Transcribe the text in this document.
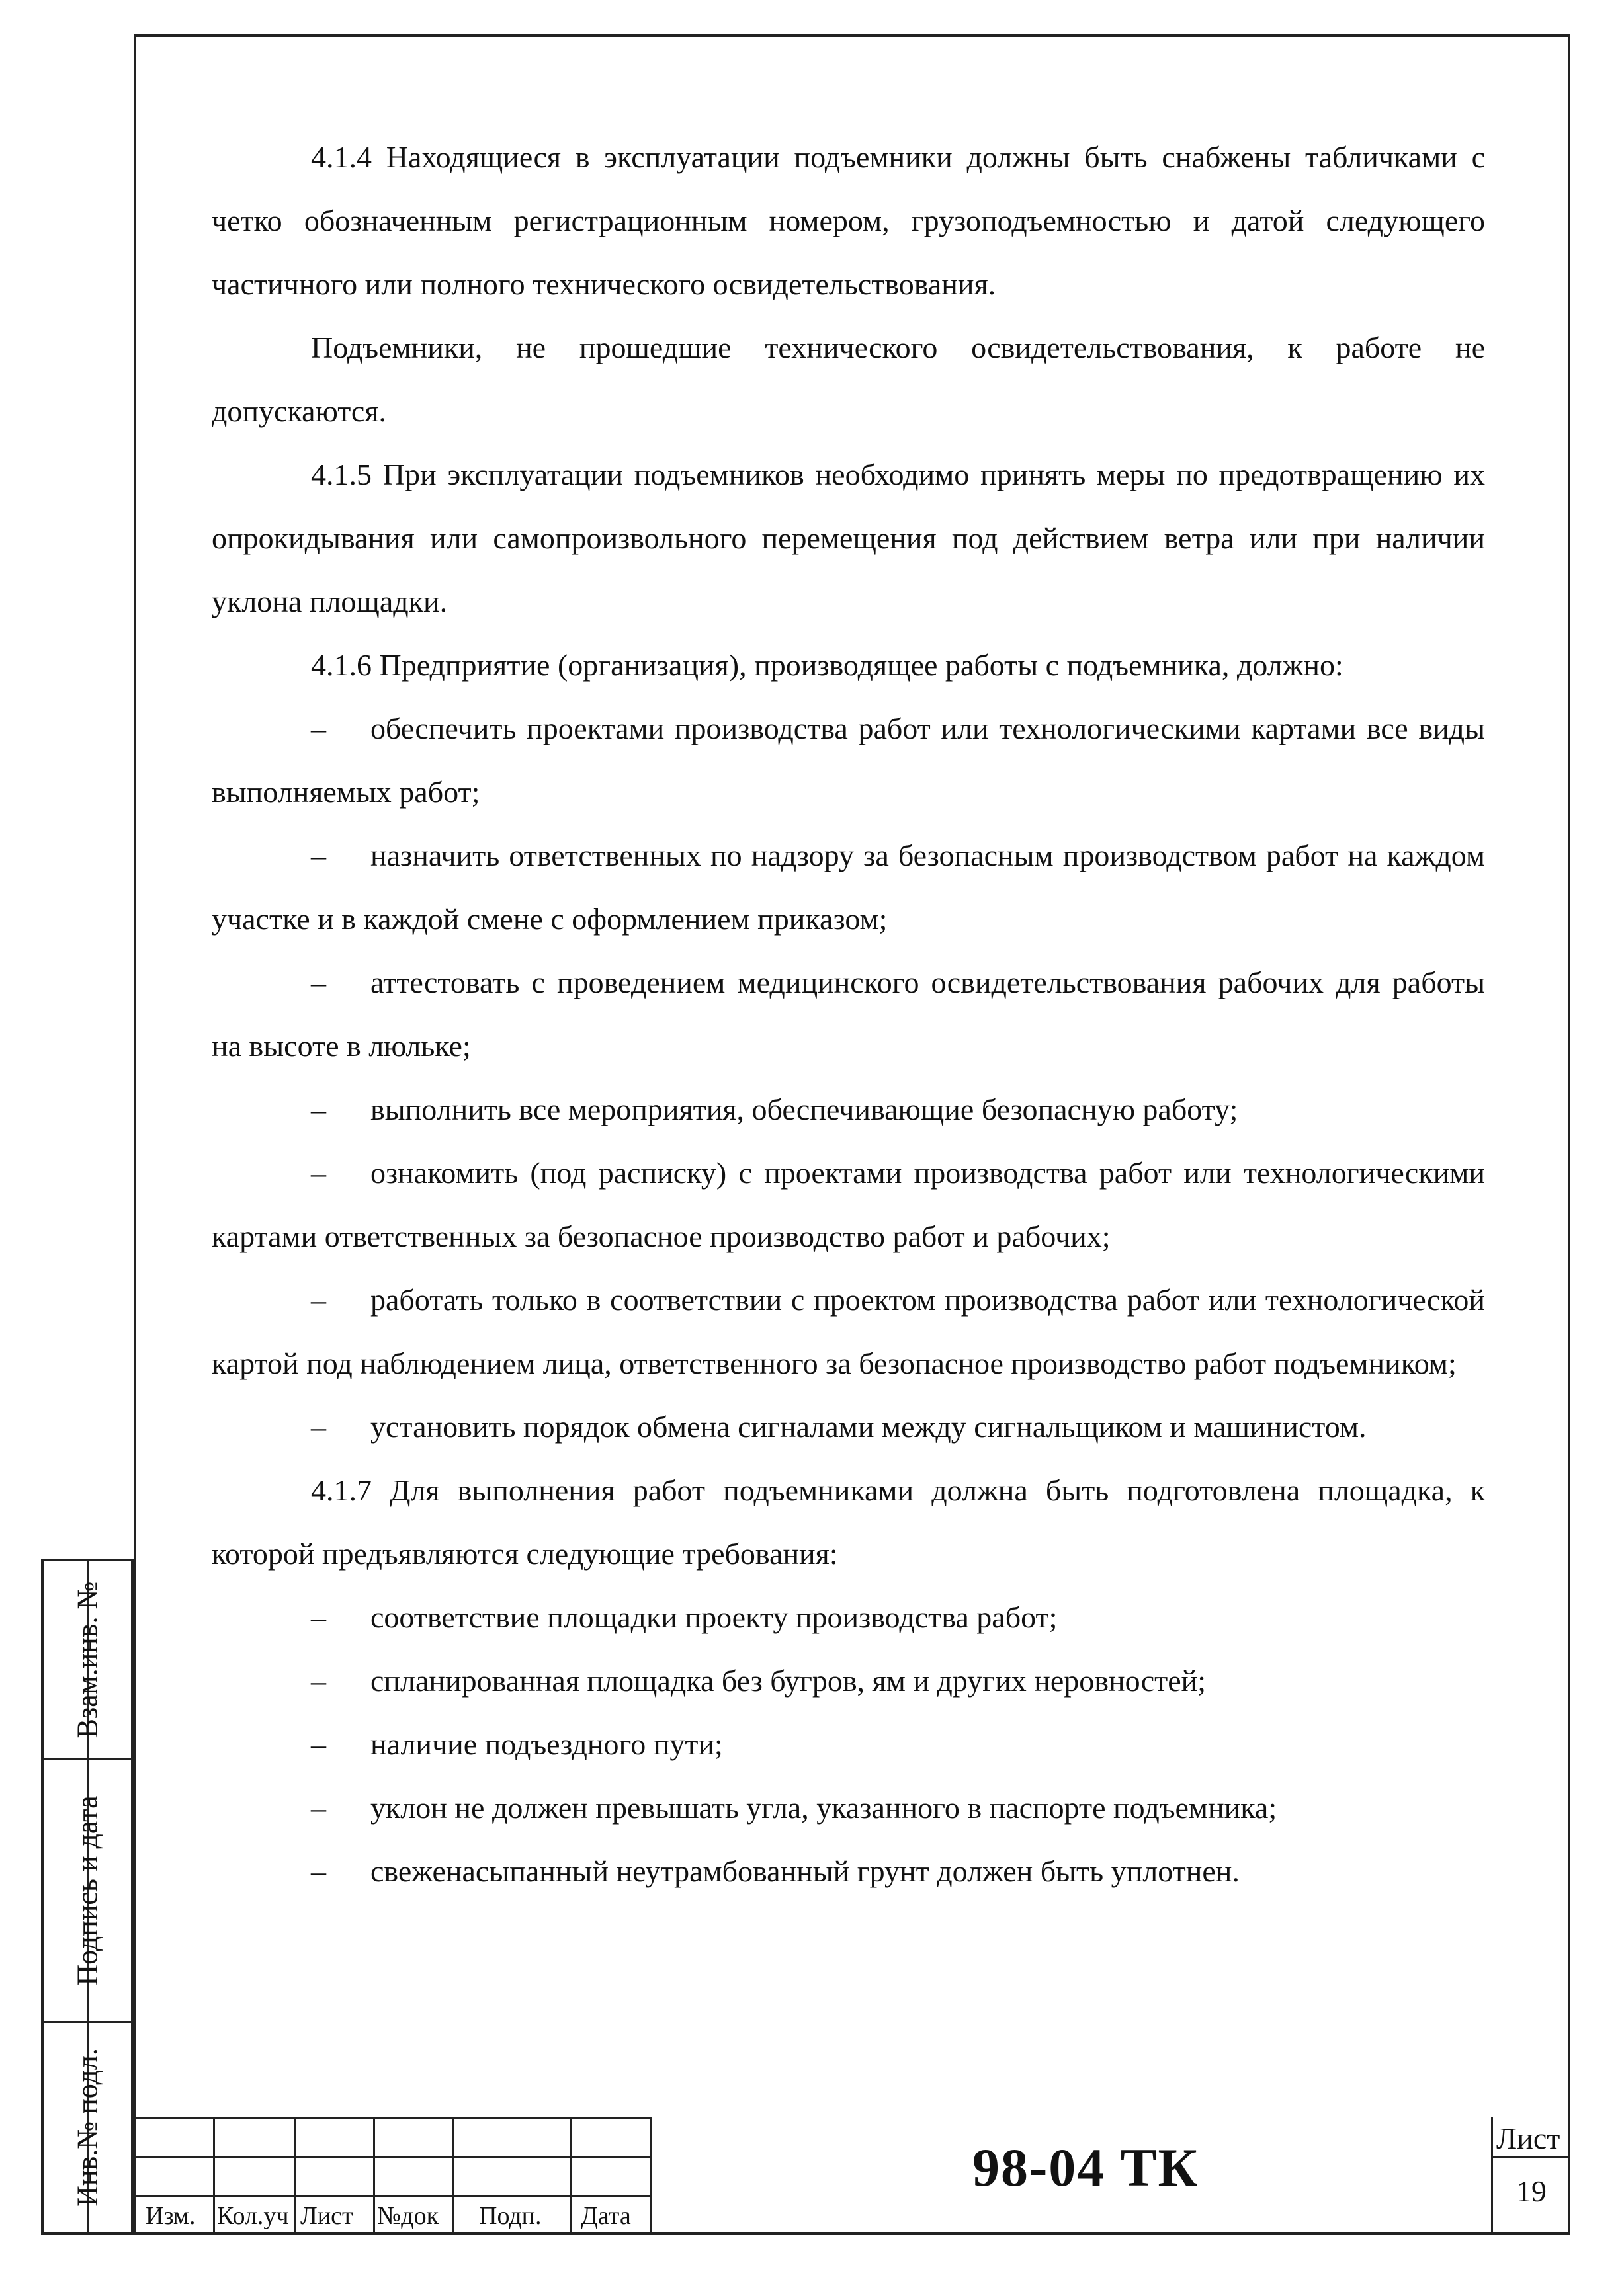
4.1.4 Находящиеся в эксплуатации подъемники должны быть снабжены табличками с четко обозначенным регистрационным номером, грузоподъемностью и датой следующего частичного или полного технического освидетельствования.

Подъемники, не прошедшие технического освидетельствования, к работе не допускаются.

4.1.5 При эксплуатации подъемников необходимо принять меры по предотвращению их опрокидывания или самопроизвольного перемещения под действием ветра или при наличии уклона площадки.

4.1.6 Предприятие (организация), производящее работы с подъемника, должно:

– обеспечить проектами производства работ или технологическими картами все виды выполняемых работ;

– назначить ответственных по надзору за безопасным производством работ на каждом участке и в каждой смене с оформлением приказом;

– аттестовать с проведением медицинского освидетельствования рабочих для работы на высоте в люльке;

– выполнить все мероприятия, обеспечивающие безопасную работу;

– ознакомить (под расписку) с проектами производства работ или технологическими картами ответственных за безопасное производство работ и рабочих;

– работать только в соответствии с проектом производства работ или технологической картой под наблюдением лица, ответственного за безопасное производство работ подъемником;

– установить порядок обмена сигналами между сигнальщиком и машинистом.

4.1.7 Для выполнения работ подъемниками должна быть подготовлена площадка, к которой предъявляются следующие требования:

– соответствие площадки проекту производства работ;

– спланированная площадка без бугров, ям и других неровностей;

– наличие подъездного пути;

– уклон не должен превышать угла, указанного в паспорте подъемника;

– свеженасыпанный неутрамбованный грунт должен быть уплотнен.

Взам.инв. №
Подпись и дата
Инв.№ подл.
Изм. Кол.уч Лист №док Подп. Дата
98-04 ТК	Лист
19
